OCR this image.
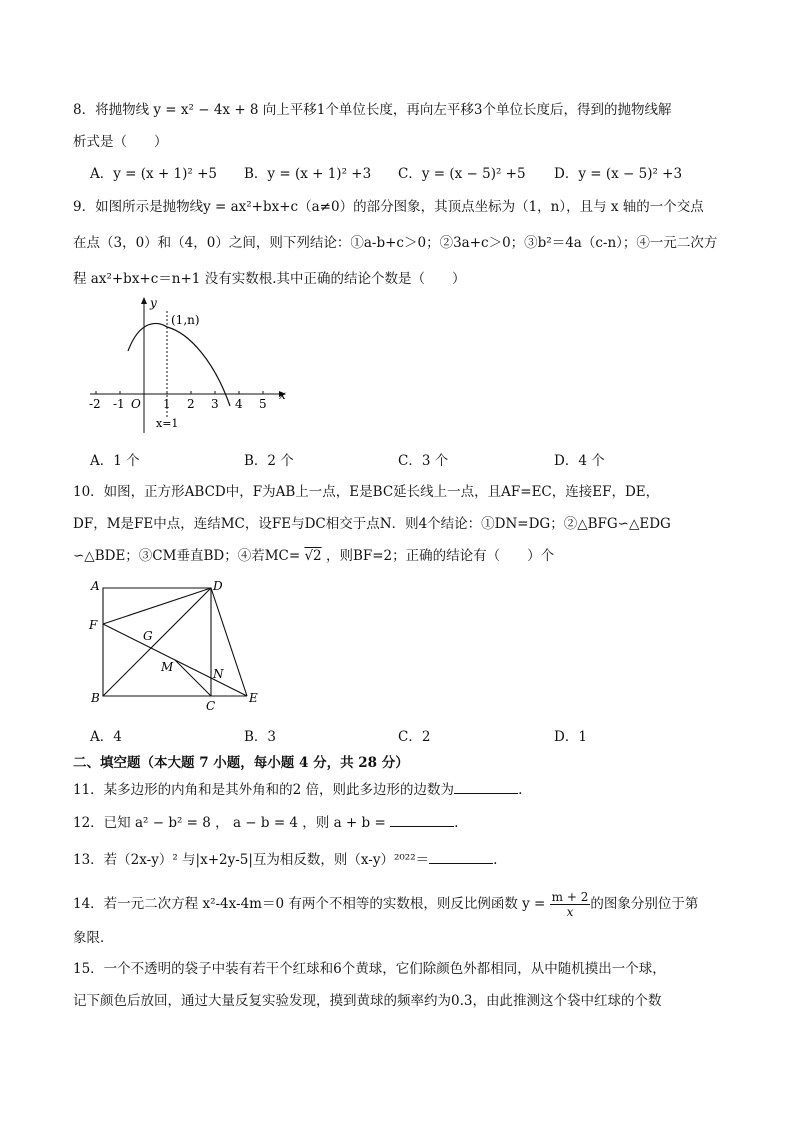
8．将抛物线 y = x² − 4x + 8 向上平移1个单位长度，再向左平移3个单位长度后，得到的抛物线解
析式是（　　）
A．y = (x + 1)² +5 B．y = (x + 1)² +3 C．y = (x − 5)² +5 D．y = (x − 5)² +3
9．如图所示是抛物线y = ax²+bx+c（a≠0）的部分图象，其顶点坐标为（1，n），且与 x 轴的一个交点
在点（3，0）和（4，0）之间，则下列结论：①a-b+c＞0；②3a+c＞0；③b²＝4a（c-n）；④一元二次方
程 ax²+bx+c＝n+1 没有实数根.其中正确的结论个数是（　　）
y
x
(1,n)
O
-2 -1	1 2 3 4 5
x=1
A．1 个	B．2 个	C．3 个	D．4 个
10．如图，正方形ABCD中，F为AB上一点，E是BC延长线上一点，且AF=EC，连接EF，DE，
DF，M是FE中点，连结MC，设FE与DC相交于点N．则4个结论：①DN=DG；②△BFG∽△EDG
∽△BDE；③CM垂直BD；④若MC= √2 ，则BF=2；正确的结论有（　　）个
A	D
F
G
M	N
B
C
E
A．4	B．3	C．2	D．1
二、填空题（本大题 7 小题，每小题 4 分，共 28 分）
11．某多边形的内角和是其外角和的2 倍，则此多边形的边数为	.
12．已知 a² − b² = 8 ， a − b = 4 ，则 a + b =	.
13．若（2x-y）² 与|x+2y-5|互为相反数，则（x-y）²⁰²²＝	.
14．若一元二次方程 x²-4x-4m＝0 有两个不相等的实数根，则反比例函数 $y = \frac{m + 2}{x}$ 的图象分别位于第
象限．
15．一个不透明的袋子中装有若干个红球和6个黄球，它们除颜色外都相同，从中随机摸出一个球，
记下颜色后放回，通过大量反复实验发现，摸到黄球的频率约为0.3，由此推测这个袋中红球的个数
